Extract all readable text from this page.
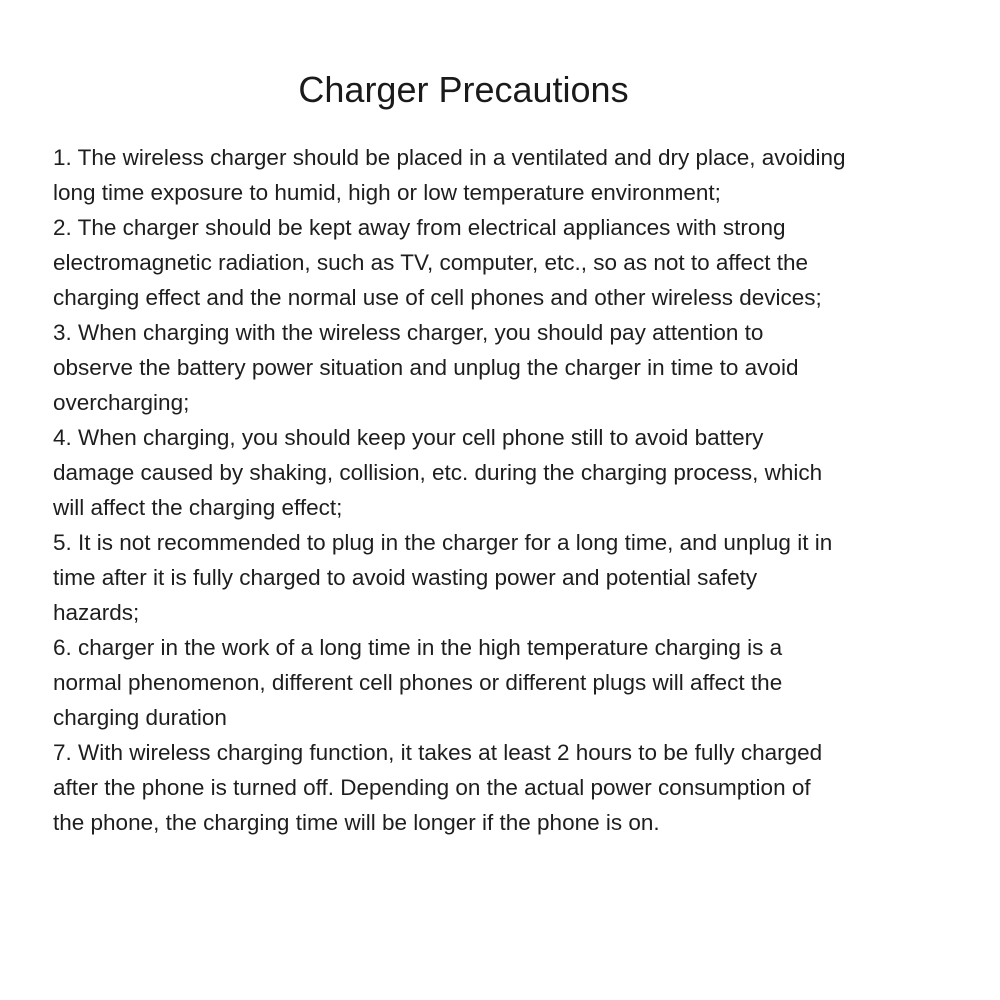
Charger Precautions
1. The wireless charger should be placed in a ventilated and dry place, avoiding
long time exposure to humid, high or low temperature environment;
2. The charger should be kept away from electrical appliances with strong
electromagnetic radiation, such as TV, computer, etc., so as not to affect the
charging effect and the normal use of cell phones and other wireless devices;
3. When charging with the wireless charger, you should pay attention to
observe the battery power situation and unplug the charger in time to avoid
overcharging;
4. When charging, you should keep your cell phone still to avoid battery
damage caused by shaking, collision, etc. during the charging process, which
will affect the charging effect;
5. It is not recommended to plug in the charger for a long time, and unplug it in
time after it is fully charged to avoid wasting power and potential safety
hazards;
6. charger in the work of a long time in the high temperature charging is a
normal phenomenon, different cell phones or different plugs will affect the
charging duration
7. With wireless charging function, it takes at least 2 hours to be fully charged
after the phone is turned off. Depending on the actual power consumption of
the phone, the charging time will be longer if the phone is on.
